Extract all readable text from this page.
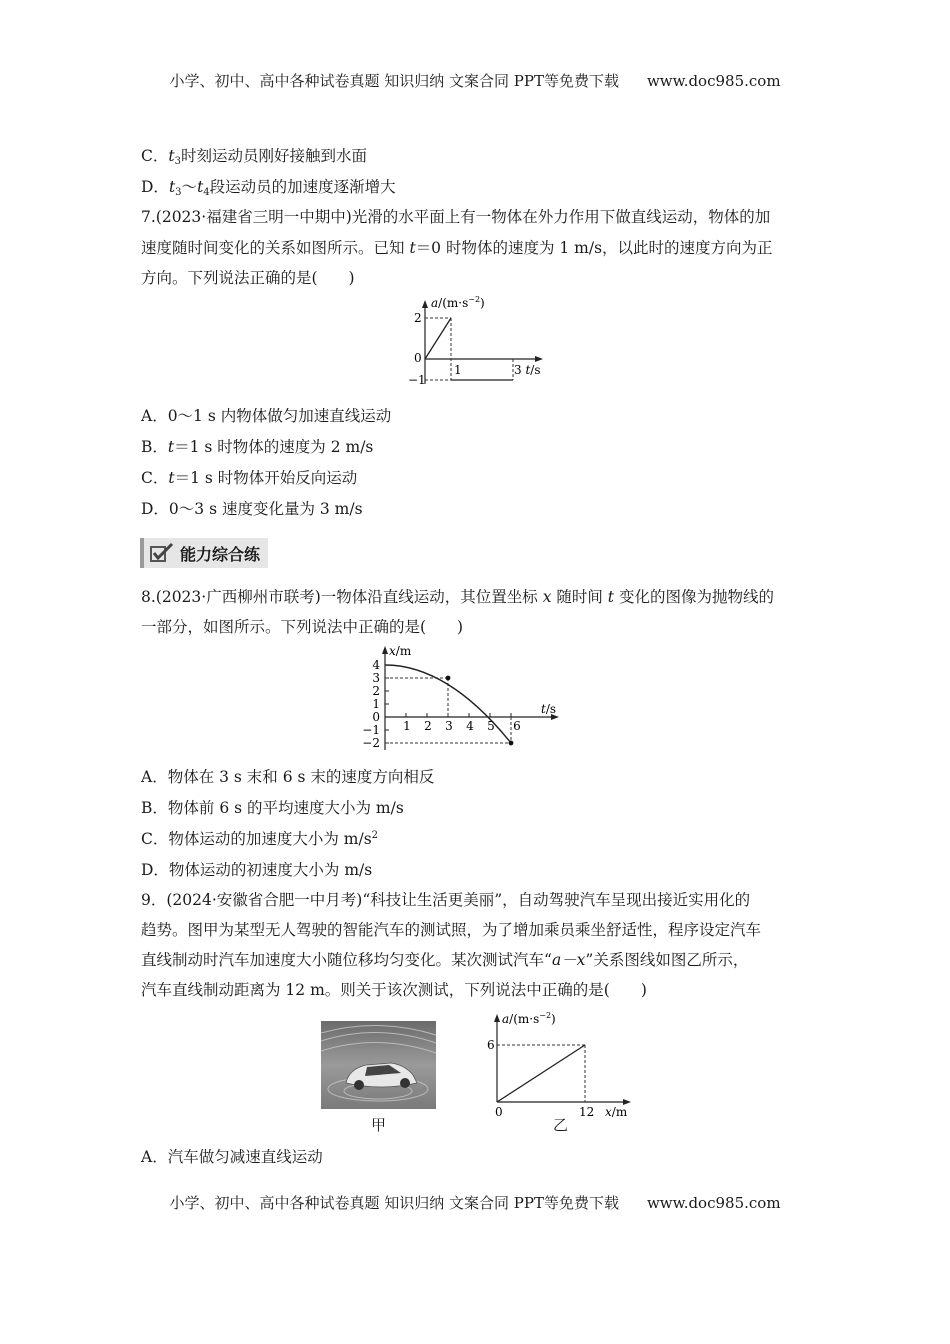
小学、初中、高中各种试卷真题 知识归纳 文案合同 PPT等免费下载 www.doc985.com
C．$t_3$时刻运动员刚好接触到水面
D．$t_3\sim t_4$段运动员的加速度逐渐增大
7.(2023·福建省三明一中期中)光滑的水平面上有一物体在外力作用下做直线运动，物体的加
速度随时间变化的关系如图所示。已知 t＝0 时物体的速度为 1 m/s，以此时的速度方向为正
方向。下列说法正确的是(　　)
$a/(m\cdot s^{-2})$
2
0
−1
1	3 t/s
A．0～1 s 内物体做匀加速直线运动
B．t＝1 s 时物体的速度为 2 m/s
C．t＝1 s 时物体开始反向运动
D．0～3 s 速度变化量为 3 m/s
能力综合练
8.(2023·广西柳州市联考)一物体沿直线运动，其位置坐标 x 随时间 t 变化的图像为抛物线的
一部分，如图所示。下列说法中正确的是(　　)
x/m
t/s
4
3
2
1
0
−1
−2
1 2 3 4 5 6
A．物体在 3 s 末和 6 s 末的速度方向相反
B．物体前 6 s 的平均速度大小为 m/s
C．物体运动的加速度大小为 $m/s^2$
D．物体运动的初速度大小为 m/s
9．(2024·安徽省合肥一中月考)“科技让生活更美丽”，自动驾驶汽车呈现出接近实用化的
趋势。图甲为某型无人驾驶的智能汽车的测试照，为了增加乘员乘坐舒适性，程序设定汽车
直线制动时汽车加速度大小随位移均匀变化。某次测试汽车“a－x”关系图线如图乙所示，
汽车直线制动距离为 12 m。则关于该次测试，下列说法中正确的是(　　)
甲
$a/(m\cdot s^{-2})$
6
0	12 x/m
乙
A．汽车做匀减速直线运动
小学、初中、高中各种试卷真题 知识归纳 文案合同 PPT等免费下载 www.doc985.com
